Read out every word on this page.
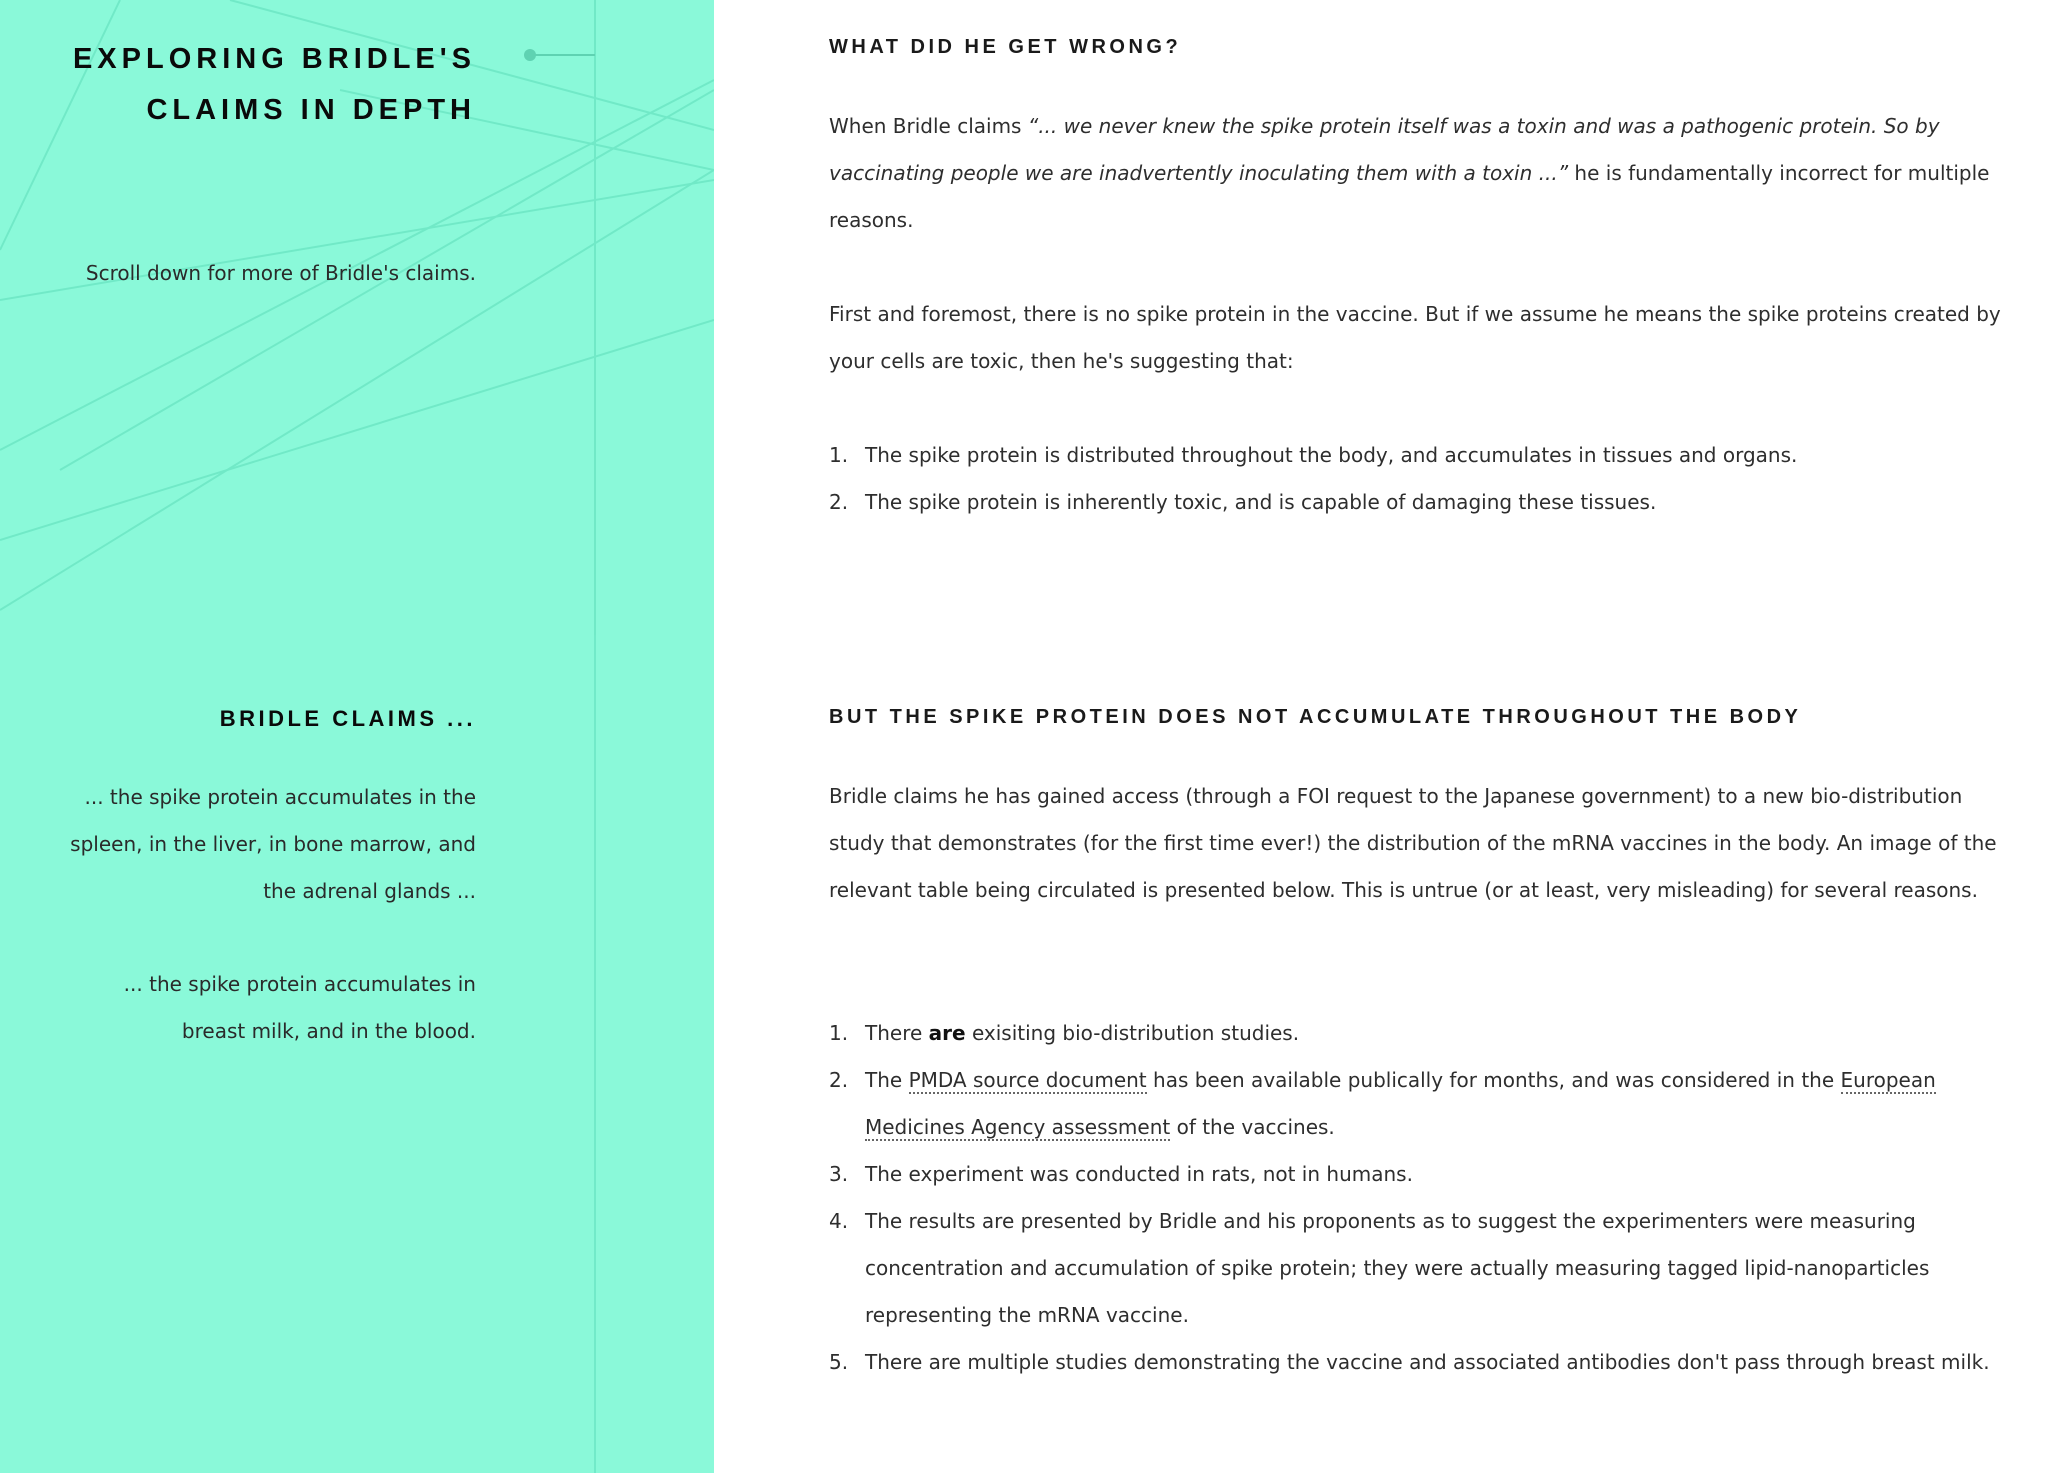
EXPLORING BRIDLE'S
CLAIMS IN DEPTH
Scroll down for more of Bridle's claims.
BRIDLE CLAIMS ...
... the spike protein accumulates in the spleen, in the liver, in bone marrow, and the adrenal glands ...
... the spike protein accumulates in breast milk, and in the blood.
WHAT DID HE GET WRONG?

When Bridle claims “... we never knew the spike protein itself was a toxin and was a pathogenic protein. So by vaccinating people we are inadvertently inoculating them with a toxin ...” he is fundamentally incorrect for multiple reasons.

First and foremost, there is no spike protein in the vaccine. But if we assume he means the spike proteins created by your cells are toxic, then he's suggesting that:

1. The spike protein is distributed throughout the body, and accumulates in tissues and organs.
2. The spike protein is inherently toxic, and is capable of damaging these tissues.
BUT THE SPIKE PROTEIN DOES NOT ACCUMULATE THROUGHOUT THE BODY

Bridle claims he has gained access (through a FOI request to the Japanese government) to a new bio-distribution study that demonstrates (for the first time ever!) the distribution of the mRNA vaccines in the body. An image of the relevant table being circulated is presented below. This is untrue (or at least, very misleading) for several reasons.

1. There are exisiting bio-distribution studies.
2. The PMDA source document has been available publically for months, and was considered in the European Medicines Agency assessment of the vaccines.
3. The experiment was conducted in rats, not in humans.
4. The results are presented by Bridle and his proponents as to suggest the experimenters were measuring concentration and accumulation of spike protein; they were actually measuring tagged lipid-nanoparticles representing the mRNA vaccine.
5. There are multiple studies demonstrating the vaccine and associated antibodies don't pass through breast milk.
